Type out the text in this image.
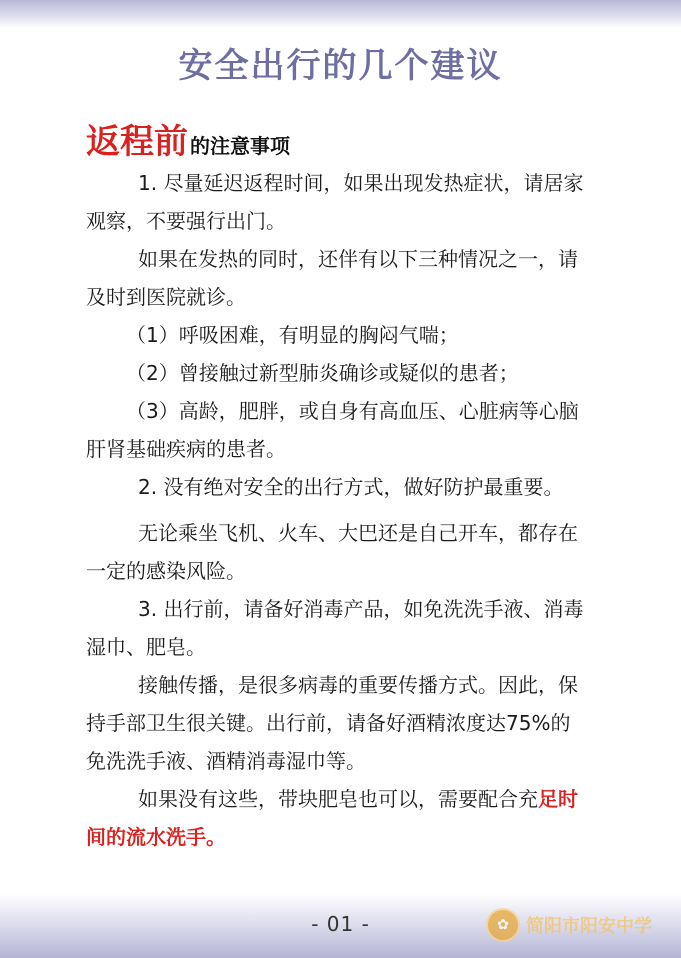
安全出行的几个建议
返程前 的注意事项

1. 尽量延迟返程时间，如果出现发热症状，请居家观察，不要强行出门。

如果在发热的同时，还伴有以下三种情况之一，请及时到医院就诊。

（1）呼吸困难，有明显的胸闷气喘；

（2）曾接触过新型肺炎确诊或疑似的患者；

（3）高龄，肥胖，或自身有高血压、心脏病等心脑肝肾基础疾病的患者。

2. 没有绝对安全的出行方式，做好防护最重要。

无论乘坐飞机、火车、大巴还是自己开车，都存在一定的感染风险。

3. 出行前，请备好消毒产品，如免洗洗手液、消毒湿巾、肥皂。

接触传播，是很多病毒的重要传播方式。因此，保持手部卫生很关键。出行前，请备好酒精浓度达75%的免洗洗手液、酒精消毒湿巾等。

如果没有这些，带块肥皂也可以，需要配合充足时间的流水洗手。

- 01 -	✿ 简阳市阳安中学
